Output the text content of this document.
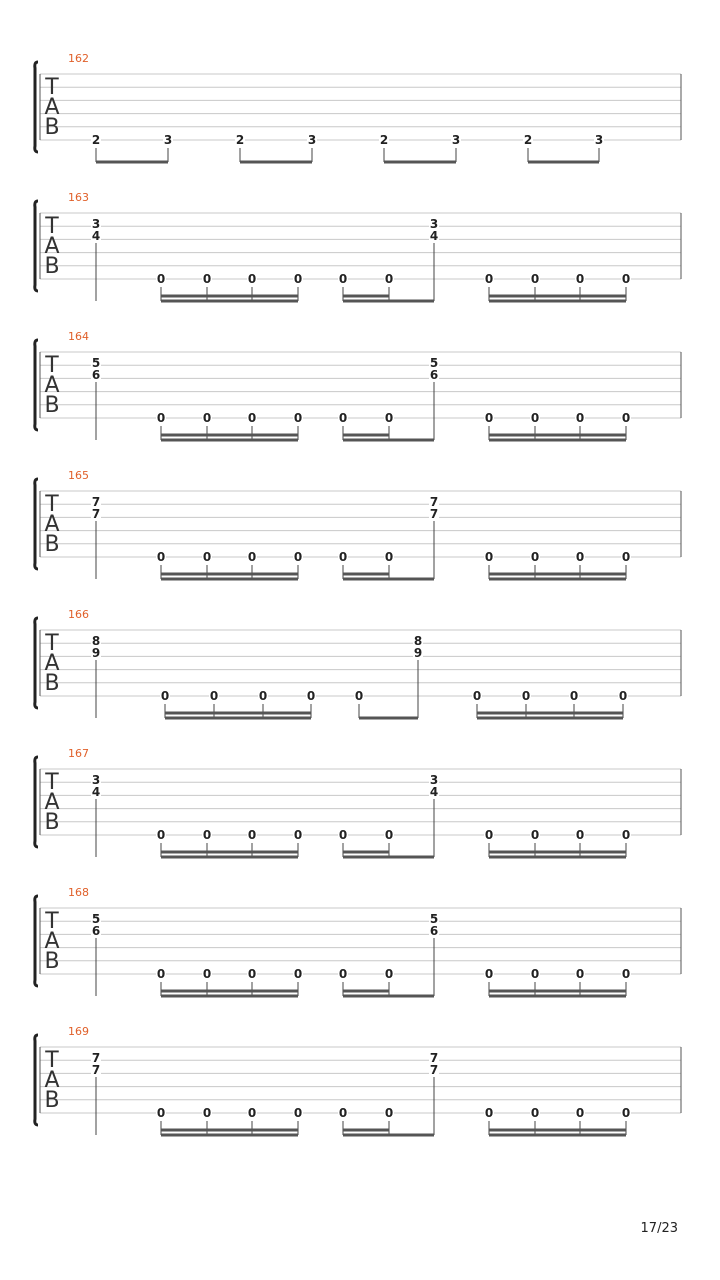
T
A
B
162
2	3	2	3	2	3	2	3
T
A
B
163
3
4
3
4
0	0	0	0	0	0	0	0	0	0
T
A
B
164
5
6
5
6
0	0	0	0	0	0	0	0	0	0
T
A
B
165
7
7
7
7
0	0	0	0	0	0	0	0	0	0
T
A
B
166
8
9
8
9
0	0	0	0	0	0	0	0	0
T
A
B
167
3
4
3
4
0	0	0	0	0	0	0	0	0	0
T
A
B
168
5
6
5
6
0	0	0	0	0	0	0	0	0	0
T
A
B
169
7
7
7
7
0	0	0	0	0	0	0	0	0	0
17/23
